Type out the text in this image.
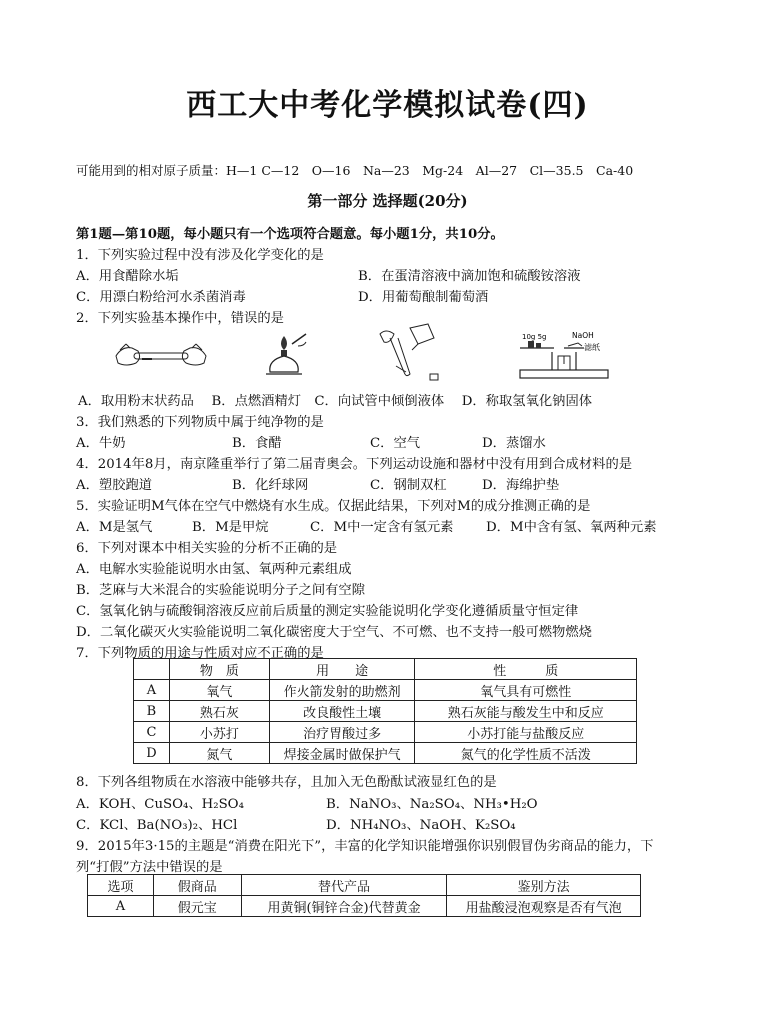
西工大中考化学模拟试卷(四)
可能用到的相对原子质量：H—1 C—12　O—16　Na—23　Mg-24　Al—27　Cl—35.5　Ca-40
第一部分 选择题(20分)
第1题—第10题，每小题只有一个选项符合题意。每小题1分，共10分。
1．下列实验过程中没有涉及化学变化的是
A．用食醋除水垢	B．在蛋清溶液中滴加饱和硫酸铵溶液
C．用漂白粉给河水杀菌消毒	D．用葡萄酿制葡萄酒
2．下列实验基本操作中，错误的是
10g 5g	NaOH
滤纸
A．取用粉末状药品　 B．点燃酒精灯　C．向试管中倾倒液体　 D．称取氢氧化钠固体
3．我们熟悉的下列物质中属于纯净物的是
A．牛奶	B．食醋	C．空气	D．蒸馏水
4．2014年8月，南京隆重举行了第二届青奥会。下列运动设施和器材中没有用到合成材料的是
A．塑胶跑道	B．化纤球网	C．钢制双杠	D．海绵护垫
5．实验证明M气体在空气中燃烧有水生成。仅据此结果，下列对M的成分推测正确的是
A．M是氢气	B．M是甲烷	C．M中一定含有氢元素 D．M中含有氢、氧两种元素
6．下列对课本中相关实验的分析不正确的是
A．电解水实验能说明水由氢、氧两种元素组成
B．芝麻与大米混合的实验能说明分子之间有空隙
C．氢氧化钠与硫酸铜溶液反应前后质量的测定实验能说明化学变化遵循质量守恒定律
D．二氧化碳灭火实验能说明二氧化碳密度大于空气、不可燃、也不支持一般可燃物燃烧
7．下列物质的用途与性质对应不正确的是
	物　质	用　　途	性　　　质
A	氧气	作火箭发射的助燃剂	氧气具有可燃性
B	熟石灰	改良酸性土壤	熟石灰能与酸发生中和反应
C	小苏打	治疗胃酸过多	小苏打能与盐酸反应
D	氮气	焊接金属时做保护气	氮气的化学性质不活泼
8．下列各组物质在水溶液中能够共存，且加入无色酚酞试液显红色的是
A．KOH、CuSO₄、H₂SO₄	B．NaNO₃、Na₂SO₄、NH₃•H₂O
C．KCl、Ba(NO₃)₂、HCl	D．NH₄NO₃、NaOH、K₂SO₄
9．2015年3·15的主题是“消费在阳光下”，丰富的化学知识能增强你识别假冒伪劣商品的能力，下
列“打假”方法中错误的是
选项	假商品	替代产品	鉴别方法
A	假元宝	用黄铜(铜锌合金)代替黄金	用盐酸浸泡观察是否有气泡
